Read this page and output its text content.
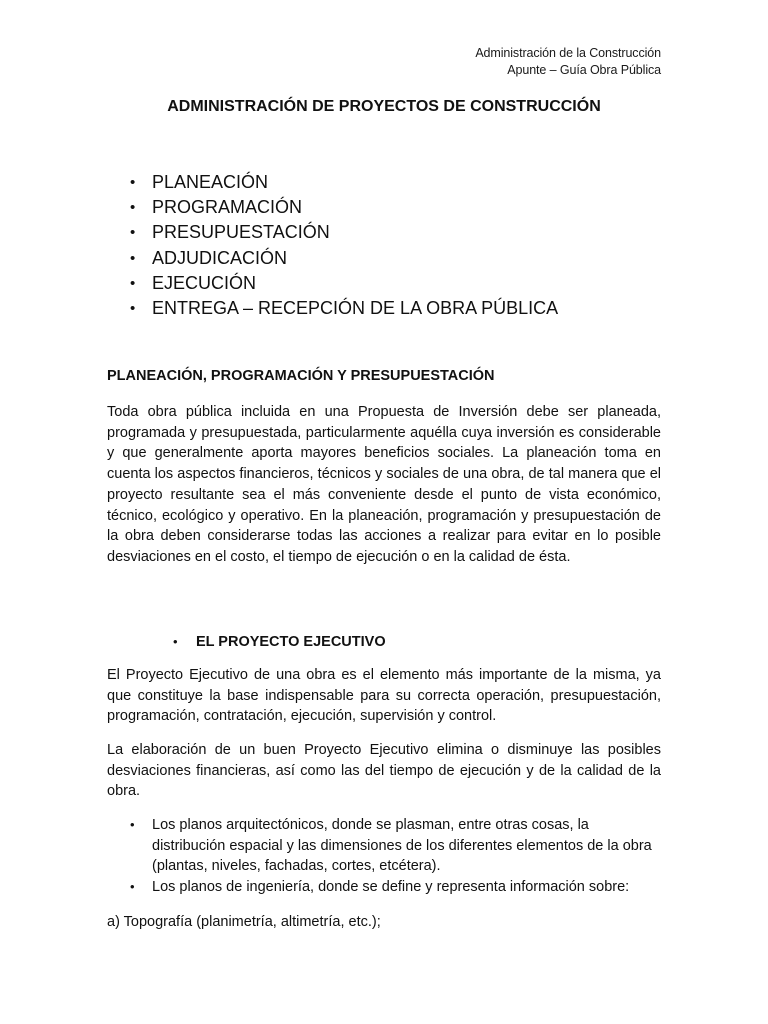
Administración de la Construcción
Apunte – Guía Obra Pública
ADMINISTRACIÓN DE PROYECTOS DE CONSTRUCCIÓN
• PLANEACIÓN
• PROGRAMACIÓN
• PRESUPUESTACIÓN
• ADJUDICACIÓN
• EJECUCIÓN
• ENTREGA – RECEPCIÓN DE LA OBRA PÚBLICA
PLANEACIÓN, PROGRAMACIÓN Y PRESUPUESTACIÓN

Toda obra pública incluida en una Propuesta de Inversión debe ser planeada, programada y presupuestada, particularmente aquélla cuya inversión es considerable y que generalmente aporta mayores beneficios sociales. La planeación toma en cuenta los aspectos financieros, técnicos y sociales de una obra, de tal manera que el proyecto resultante sea el más conveniente desde el punto de vista económico, técnico, ecológico y operativo. En la planeación, programación y presupuestación de la obra deben considerarse todas las acciones a realizar para evitar en lo posible desviaciones en el costo, el tiempo de ejecución o en la calidad de ésta.

• EL PROYECTO EJECUTIVO

El Proyecto Ejecutivo de una obra es el elemento más importante de la misma, ya que constituye la base indispensable para su correcta operación, presupuestación, programación, contratación, ejecución, supervisión y control.

La elaboración de un buen Proyecto Ejecutivo elimina o disminuye las posibles desviaciones financieras, así como las del tiempo de ejecución y de la calidad de la obra.

• Los planos arquitectónicos, donde se plasman, entre otras cosas, la distribución espacial y las dimensiones de los diferentes elementos de la obra (plantas, niveles, fachadas, cortes, etcétera).
• Los planos de ingeniería, donde se define y representa información sobre:
a) Topografía (planimetría, altimetría, etc.);
